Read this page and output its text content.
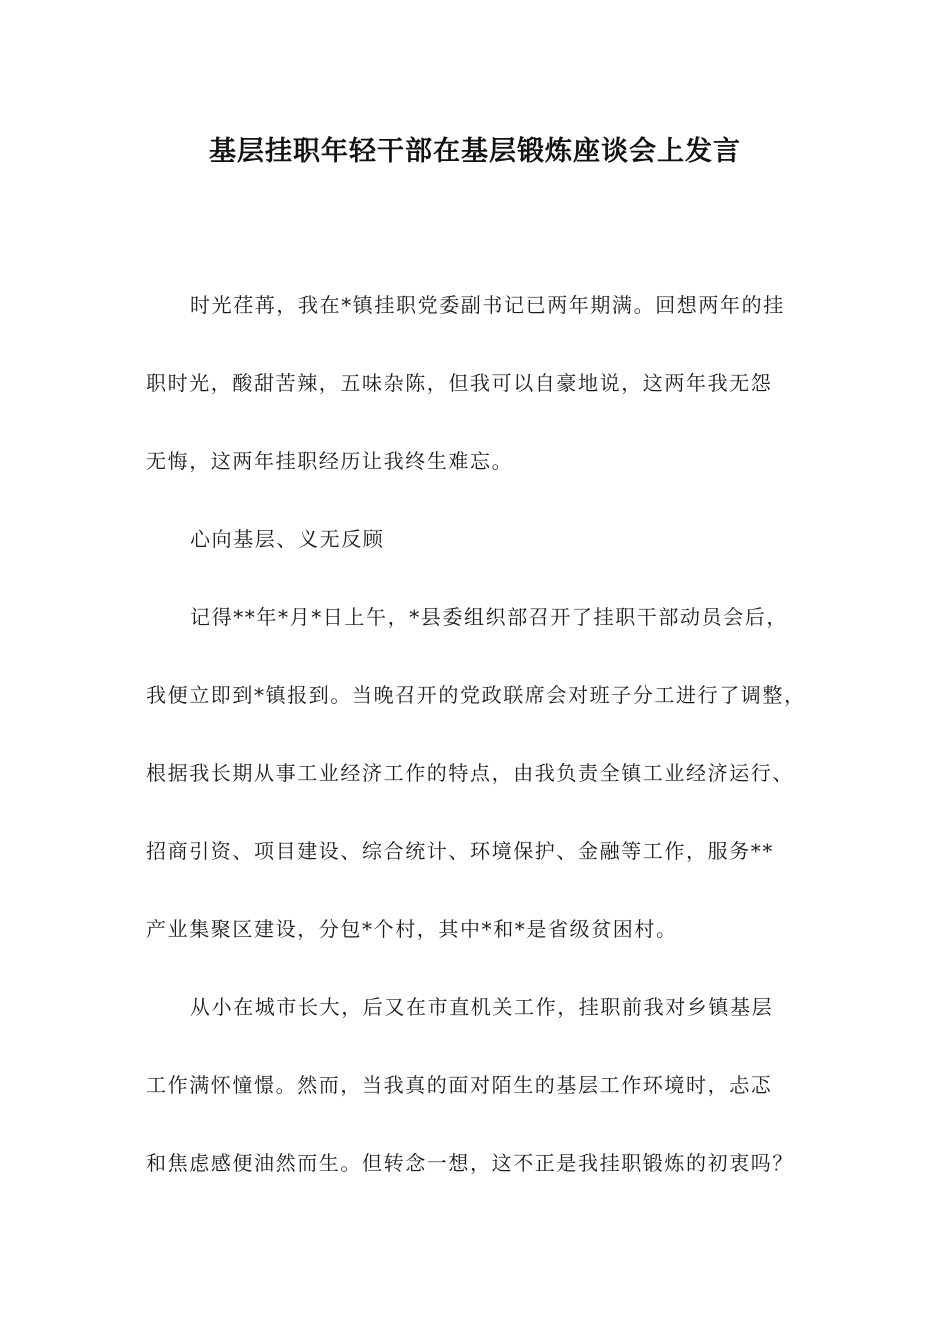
基层挂职年轻干部在基层锻炼座谈会上发言
时光荏苒，我在*镇挂职党委副书记已两年期满。回想两年的挂
职时光，酸甜苦辣，五味杂陈，但我可以自豪地说，这两年我无怨
无悔，这两年挂职经历让我终生难忘。
心向基层、义无反顾
记得**年*月*日上午，*县委组织部召开了挂职干部动员会后，
我便立即到*镇报到。当晚召开的党政联席会对班子分工进行了调整，
根据我长期从事工业经济工作的特点，由我负责全镇工业经济运行、
招商引资、项目建设、综合统计、环境保护、金融等工作，服务**
产业集聚区建设，分包*个村，其中*和*是省级贫困村。
从小在城市长大，后又在市直机关工作，挂职前我对乡镇基层
工作满怀憧憬。然而，当我真的面对陌生的基层工作环境时，忐忑
和焦虑感便油然而生。但转念一想，这不正是我挂职锻炼的初衷吗？
